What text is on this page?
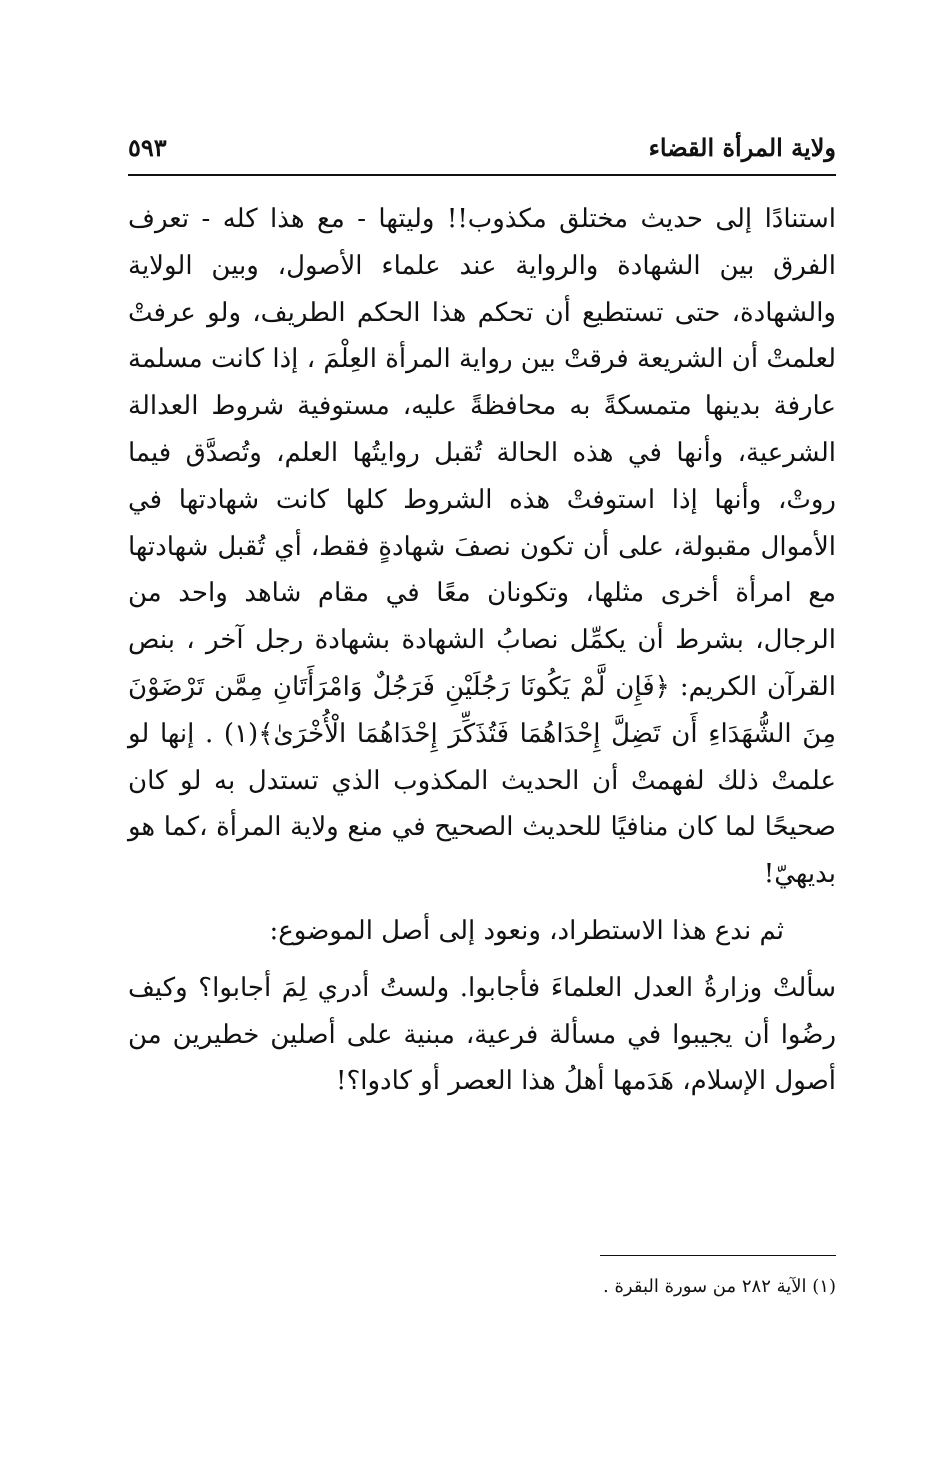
ولاية المرأة القضاء
٥٩٣

استنادًا إلى حديث مختلق مكذوب!! وليتها - مع هذا كله - تعرف الفرق بين الشهادة والرواية عند علماء الأصول، وبين الولاية والشهادة، حتى تستطيع أن تحكم هذا الحكم الطريف، ولو عرفتْ لعلمتْ أن الشريعة فرقتْ بين رواية المرأة العِلْمَ ، إذا كانت مسلمة عارفة بدينها متمسكةً به محافظةً عليه، مستوفية شروط العدالة الشرعية، وأنها في هذه الحالة تُقبل روايتُها العلم، وتُصدَّق فيما روتْ، وأنها إذا استوفتْ هذه الشروط كلها كانت شهادتها في الأموال مقبولة، على أن تكون نصفَ شهادةٍ فقط، أي تُقبل شهادتها مع امرأة أخرى مثلها، وتكونان معًا في مقام شاهد واحد من الرجال، بشرط أن يكمِّل نصابُ الشهادة بشهادة رجل آخر ، بنص القرآن الكريم: ﴿فَإِن لَّمْ يَكُونَا رَجُلَيْنِ فَرَجُلٌ وَامْرَأَتَانِ مِمَّن تَرْضَوْنَ مِنَ الشُّهَدَاءِ أَن تَضِلَّ إِحْدَاهُمَا فَتُذَكِّرَ إِحْدَاهُمَا الْأُخْرَىٰ﴾(١) . إنها لو علمتْ ذلك لفهمتْ أن الحديث المكذوب الذي تستدل به لو كان صحيحًا لما كان منافيًا للحديث الصحيح في منع ولاية المرأة ،كما هو بديهيّ!

ثم ندع هذا الاستطراد، ونعود إلى أصل الموضوع:

سألتْ وزارةُ العدل العلماءَ فأجابوا. ولستُ أدري لِمَ أجابوا؟ وكيف رضُوا أن يجيبوا في مسألة فرعية، مبنية على أصلين خطيرين من أصول الإسلام، هَدَمها أهلُ هذا العصر أو كادوا؟!

(١) الآية ٢٨٢ من سورة البقرة .
